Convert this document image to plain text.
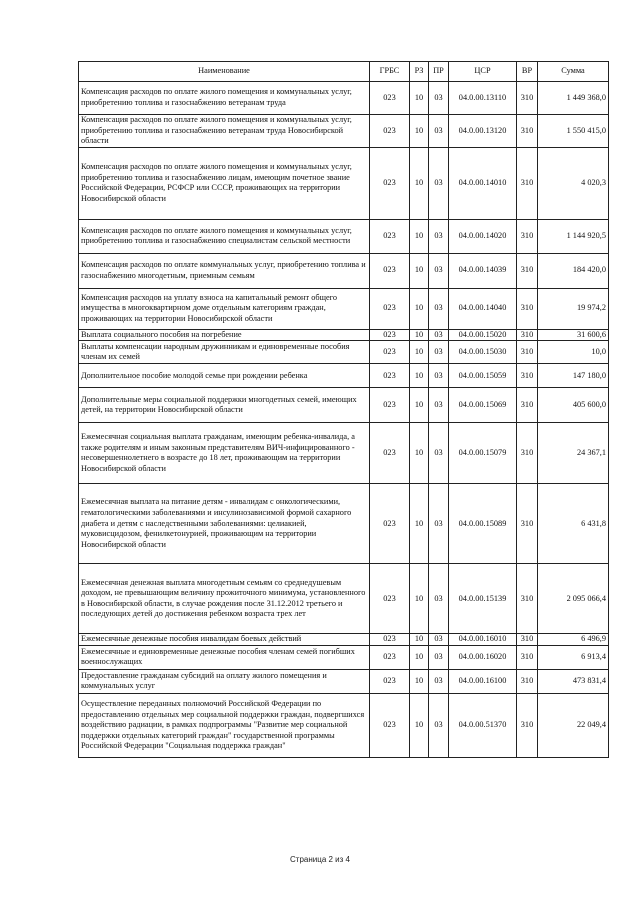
Наименование	ГРБС	РЗ	ПР	ЦСР	ВР	Сумма
Компенсация расходов по оплате жилого помещения и коммунальных услуг, приобретению топлива и газоснабжению ветеранам труда	023	10	03	04.0.00.13110	310	1 449 368,0
Компенсация расходов по оплате жилого помещения и коммунальных услуг, приобретению топлива и газоснабжению ветеранам труда Новосибирской области	023	10	03	04.0.00.13120	310	1 550 415,0
Компенсация расходов по оплате жилого помещения и коммунальных услуг, приобретению топлива и газоснабжению лицам, имеющим почетное звание Российской Федерации, РСФСР или СССР, проживающих на территории Новосибирской области	023	10	03	04.0.00.14010	310	4 020,3
Компенсация расходов по оплате жилого помещения и коммунальных услуг, приобретению топлива и газоснабжению специалистам сельской местности	023	10	03	04.0.00.14020	310	1 144 920,5
Компенсация расходов по оплате коммунальных услуг, приобретению топлива и газоснабжению многодетным, приемным семьям	023	10	03	04.0.00.14039	310	184 420,0
Компенсация расходов на уплату взноса на капитальный ремонт общего имущества в многоквартирном доме отдельным категориям граждан, проживающих на территории Новосибирской области	023	10	03	04.0.00.14040	310	19 974,2
Выплата социального пособия на погребение	023	10	03	04.0.00.15020	310	31 600,6
Выплаты компенсации народным дружинникам и единовременные пособия членам их семей	023	10	03	04.0.00.15030	310	10,0
Дополнительное пособие молодой семье при рождении ребенка	023	10	03	04.0.00.15059	310	147 180,0
Дополнительные меры социальной поддержки многодетных семей, имеющих детей, на территории Новосибирской области	023	10	03	04.0.00.15069	310	405 600,0
Ежемесячная социальная выплата гражданам, имеющим ребенка-инвалида, а также родителям и иным законным представителям ВИЧ-инфицированного - несовершеннолетнего в возрасте до 18 лет, проживающим на территории Новосибирской области	023	10	03	04.0.00.15079	310	24 367,1
Ежемесячная выплата на питание детям - инвалидам с онкологическими, гематологическими заболеваниями и инсулинозависимой формой сахарного диабета и детям с наследственными заболеваниями: целиакией, муковисцидозом, фенилкетонурией, проживающим на территории Новосибирской области	023	10	03	04.0.00.15089	310	6 431,8
Ежемесячная денежная выплата многодетным семьям со среднедушевым доходом, не превышающим величину прожиточного минимума, установленного в Новосибирской области, в случае рождения после 31.12.2012 третьего и последующих детей до достижения ребенком возраста трех лет	023	10	03	04.0.00.15139	310	2 095 066,4
Ежемесячные денежные пособия инвалидам боевых действий	023	10	03	04.0.00.16010	310	6 496,9
Ежемесячные и единовременные денежные пособия членам семей погибших военнослужащих	023	10	03	04.0.00.16020	310	6 913,4
Предоставление гражданам субсидий на оплату жилого помещения и коммунальных услуг	023	10	03	04.0.00.16100	310	473 831,4
Осуществление переданных полномочий Российской Федерации по предоставлению отдельных мер социальной поддержки граждан, подвергшихся воздействию радиации, в рамках подпрограммы "Развитие мер социальной поддержки отдельных категорий граждан" государственной программы Российской Федерации "Социальная поддержка граждан"	023	10	03	04.0.00.51370	310	22 049,4
Страница 2 из 4
